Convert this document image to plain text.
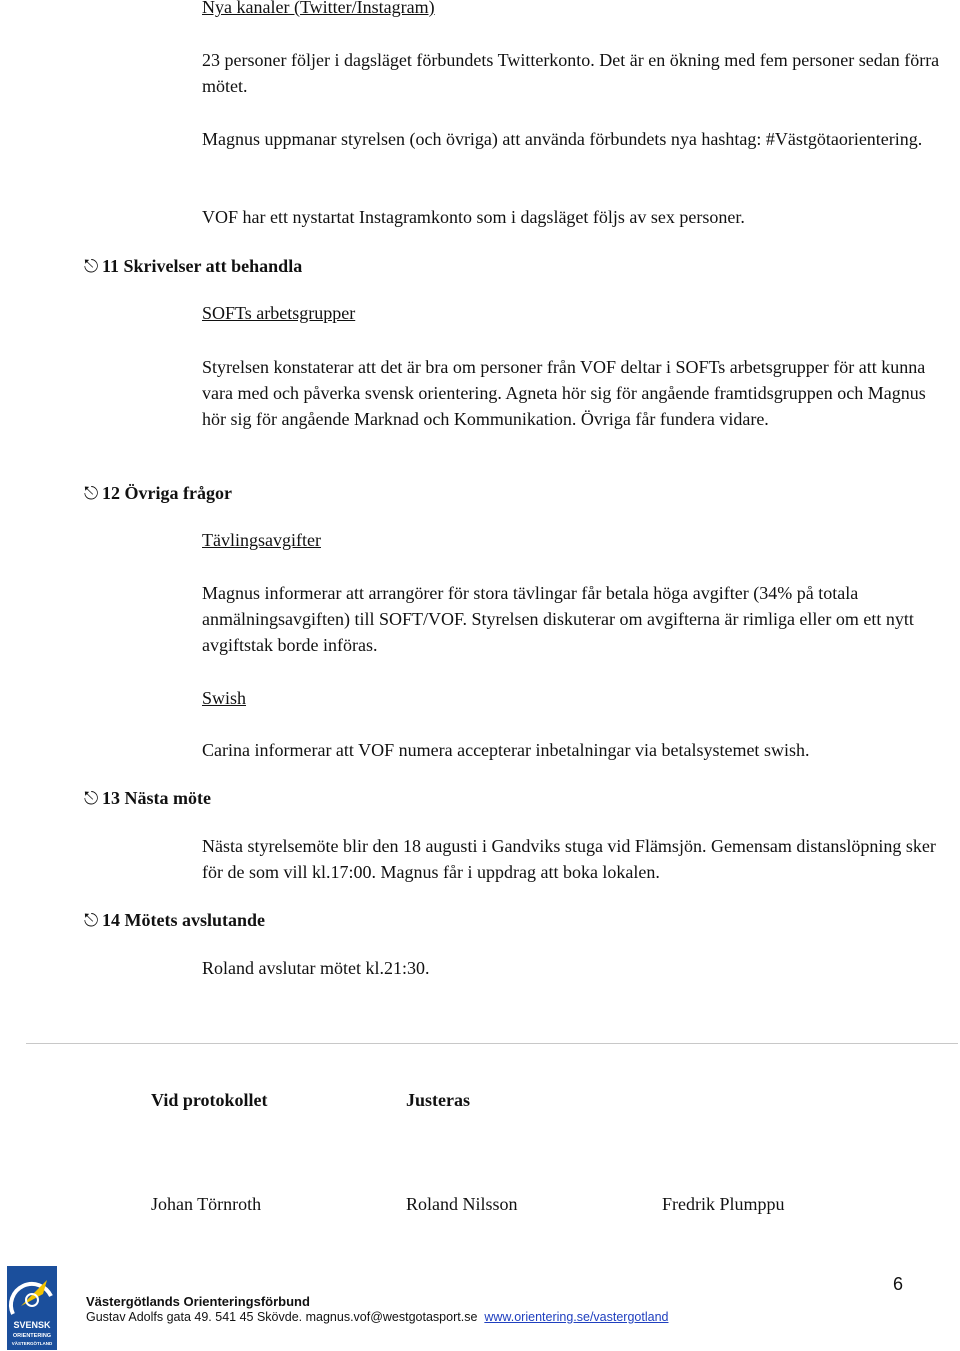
Nya kanaler (Twitter/Instagram)
23 personer följer i dagsläget förbundets Twitterkonto. Det är en ökning med fem personer sedan förra mötet.
Magnus uppmanar styrelsen (och övriga) att använda förbundets nya hashtag: #Västgötaorientering.
VOF har ett nystartat Instagramkonto som i dagsläget följs av sex personer.
⎋ 11 Skrivelser att behandla
SOFTs arbetsgrupper
Styrelsen konstaterar att det är bra om personer från VOF deltar i SOFTs arbetsgrupper för att kunna vara med och påverka svensk orientering. Agneta hör sig för angående framtidsgruppen och Magnus hör sig för angående Marknad och Kommunikation. Övriga får fundera vidare.
⎋ 12 Övriga frågor
Tävlingsavgifter
Magnus informerar att arrangörer för stora tävlingar får betala höga avgifter (34% på totala anmälningsavgiften) till SOFT/VOF. Styrelsen diskuterar om avgifterna är rimliga eller om ett nytt avgiftstak borde införas.
Swish
Carina informerar att VOF numera accepterar inbetalningar via betalsystemet swish.
⎋ 13 Nästa möte
Nästa styrelsemöte blir den 18 augusti i Gandviks stuga vid Flämsjön. Gemensam distanslöpning sker för de som vill kl.17:00. Magnus får i uppdrag att boka lokalen.
⎋ 14 Mötets avslutande
Roland avslutar mötet kl.21:30.
Vid protokollet	Justeras
Johan Törnroth	Roland Nilsson	Fredrik Plumppu
SVENSK
ORIENTERING
VÄSTERGÖTLAND
Västergötlands Orienteringsförbund
Gustav Adolfs gata 49. 541 45 Skövde. magnus.vof@westgotasport.se www.orientering.se/vastergotland
6
